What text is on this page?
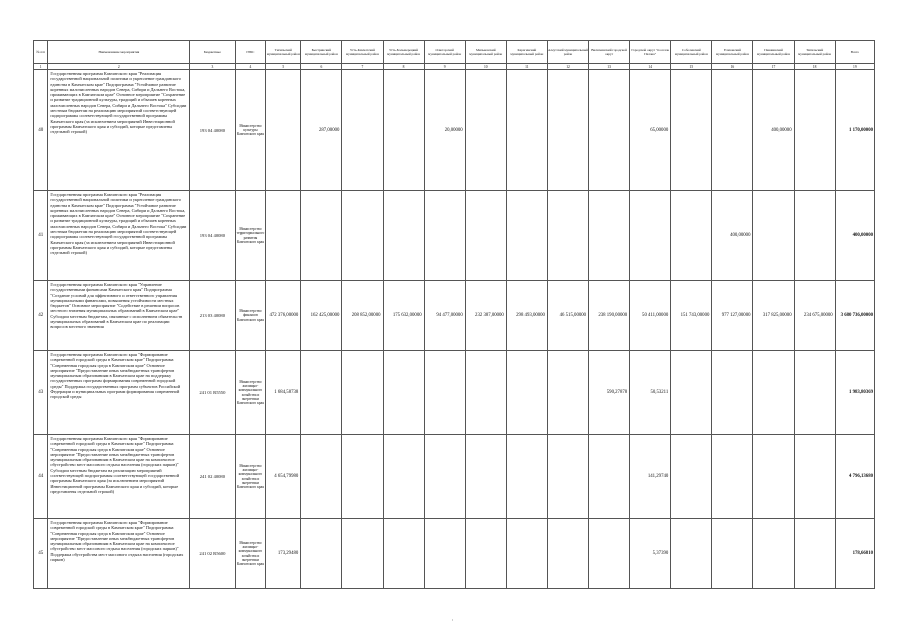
№ п/п	Наименование мероприятия	Бюджетные	ГРБС	Тигильский муниципальный район	Быстринский муниципальный район	Усть-Камчатский муниципальный район	Усть-Большерецкий муниципальный район	Олюторский муниципальный район	Мильковский муниципальный район	Карагинский муниципальный район	Алеутский муниципальный район	Вилючинский городской округ	Городской округ "поселок Палана"	Соболевский муниципальный район	Елизовский муниципальный район	Пенжинский муниципальный район	Тигильский муниципальный район	Всего
1	2	3	4	5	6	7	8	9	10	11	12	13	14	15	16	17	18	19
40	Государственная программа Камчатского края "Реализация государственной национальной политики и укрепление гражданского единства в Камчатском крае" Подпрограмма "Устойчивое развитие коренных малочисленных народов Севера, Сибири и Дальнего Востока, проживающих в Камчатском крае" Основное мероприятие "Сохранение и развитие традиционной культуры, традиций и обычаев коренных малочисленных народов Севера, Сибири и Дальнего Востока" Субсидии местным бюджетам на реализацию мероприятий соответствующей подпрограммы соответствующей государственной программы Камчатского края (за исключением мероприятий Инвестиционной программы Камчатского края и субсидий, которые представлены отдельной строкой)	193 04 40080	Министерство культуры Камчатского края		287,00000			20,00000					65,00000			400,00000		1 170,00000
41	Государственная программа Камчатского края "Реализация государственной национальной политики и укрепление гражданского единства в Камчатском крае" Подпрограмма "Устойчивое развитие коренных малочисленных народов Севера, Сибири и Дальнего Востока, проживающих в Камчатском крае" Основное мероприятие "Сохранение и развитие традиционной культуры, традиций и обычаев коренных малочисленных народов Севера, Сибири и Дальнего Востока" Субсидии местным бюджетам на реализацию мероприятий соответствующей подпрограммы соответствующей государственной программы Камчатского края (за исключением мероприятий Инвестиционной программы Камчатского края и субсидий, которые представлены отдельной строкой)	193 04 40080	Министерство территориального развития Камчатского края												400,00000			400,00000
42	Государственная программа Камчатского края "Управление государственными финансами Камчатского края" Подпрограмма "Создание условий для эффективного и ответственного управления муниципальными финансами, повышения устойчивости местных бюджетов" Основное мероприятие "Содействие в решении вопросов местного значения муниципальных образований в Камчатском крае" Субсидии местным бюджетам, связанные с исполнением обязательств муниципальных образований в Камчатском крае по реализации вопросов местного значения	213 03 40080	Министерство финансов Камчатского края	472 376,00000	162 425,00000	208 852,00000	175 632,00000	94 477,00000	232 387,00000	298 493,00000	46 515,00000	238 190,00000	50 411,00000	151 743,00000	977 127,00000	317 825,00000	234 675,00000	3 680 736,00000
43	Государственная программа Камчатского края "Формирование современной городской среды в Камчатском крае" Подпрограмма "Современная городская среда в Камчатском крае" Основное мероприятие "Предоставление иных межбюджетных трансфертов муниципальным образованиям в Камчатском крае на поддержку государственных программ формирования современной городской среды" Поддержка государственных программ субъектов Российской Федерации и муниципальных программ формирования современной городской среды	241 01 R5550	Министерство жилищно-коммунального хозяйства и энергетики Камчатского края	1 684,58738								590,27878	50,53211					1 983,80369
44	Государственная программа Камчатского края "Формирование современной городской среды в Камчатском крае" Подпрограмма "Современная городская среда в Камчатском крае" Основное мероприятие "Предоставление иных межбюджетных трансфертов муниципальным образованиям в Камчатском крае на комплексное обустройство мест массового отдыха населения (городских парков)" Субсидии местным бюджетам на реализацию мероприятий соответствующей подпрограммы соответствующей государственной программы Камчатского края (за исключением мероприятий Инвестиционной программы Камчатского края и субсидий, которые представлены отдельной строкой)	241 02 40080	Министерство жилищно-коммунального хозяйства и энергетики Камчатского края	4 654,79980									141,29740					4 796,13680
45	Государственная программа Камчатского края "Формирование современной городской среды в Камчатском крае" Подпрограмма "Современная городская среда в Камчатском крае" Основное мероприятие "Предоставление иных межбюджетных трансфертов муниципальным образованиям в Камчатском крае на комплексное обустройство мест массового отдыха населения (городских парков)" Поддержка обустройства мест массового отдыха населения (городских парков)	241 02 R5600	Министерство жилищно-коммунального хозяйства и энергетики Камчатского края	173,29480									5,37390					178,66810
'
